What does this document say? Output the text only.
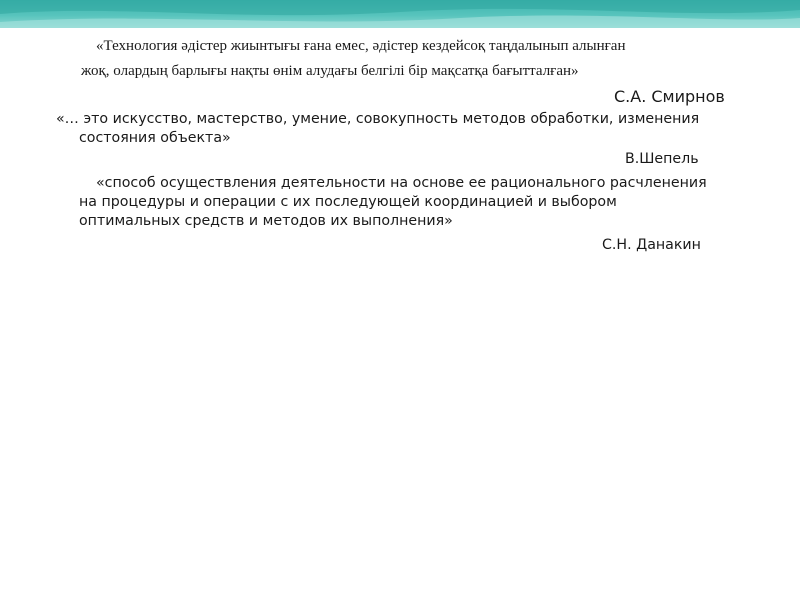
«Технология әдістер жиынтығы ғана емес, әдістер кездейсоқ таңдалынып алынған

жоқ, олардың барлығы нақты өнім алудағы белгілі бір мақсатқа бағытталған»

С.А. Смирнов

«… это искусство, мастерство, умение, совокупность методов обработки, изменения

состояния объекта»

В.Шепель

«способ осуществления деятельности на основе ее рационального расчленения

на процедуры и операции с их последующей координацией и выбором

оптимальных средств и методов их выполнения»

С.Н. Данакин
